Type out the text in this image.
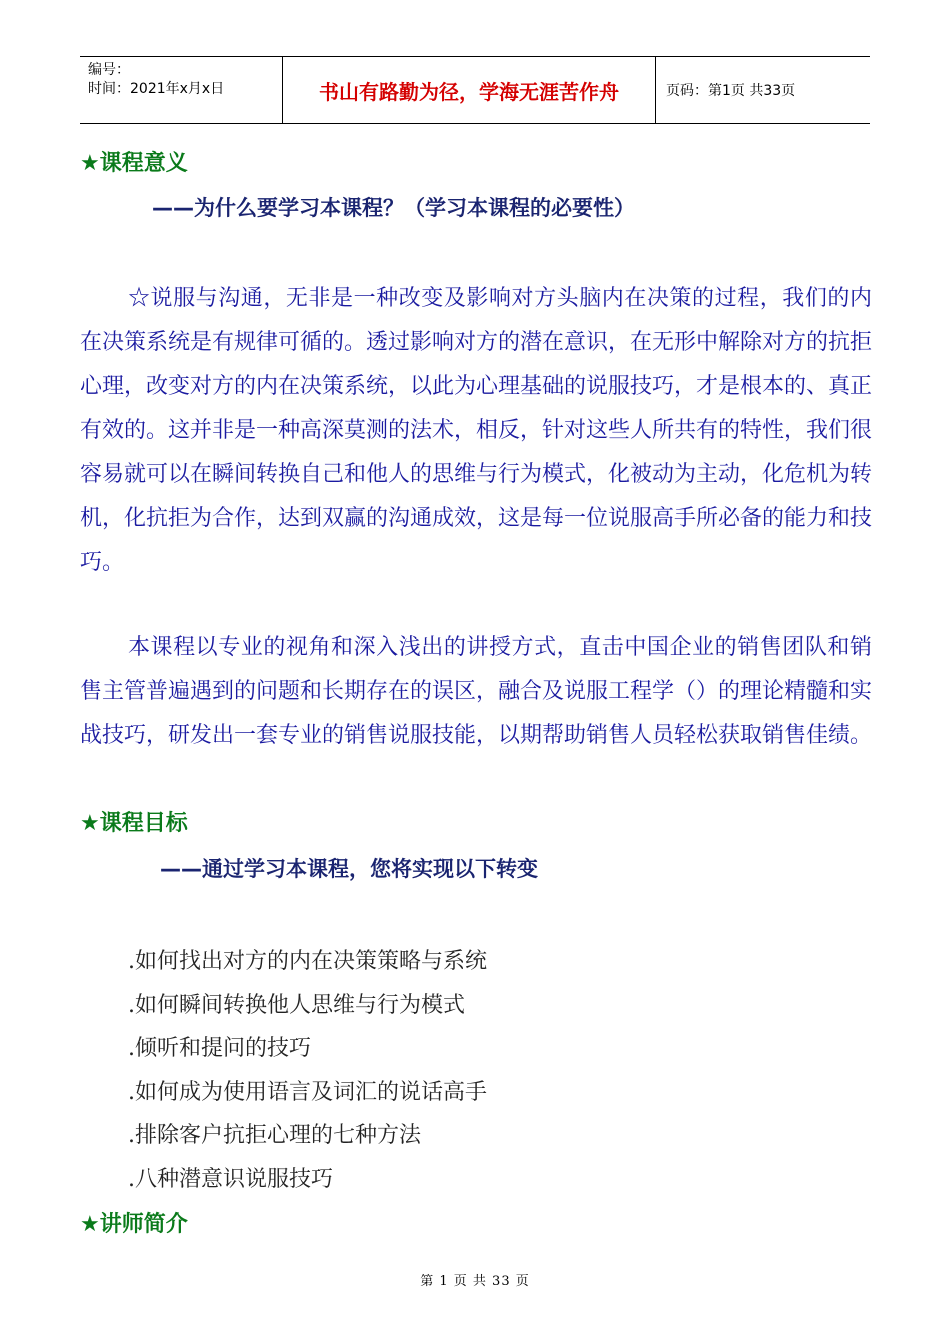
编号：
时间：2021年x月x日	书山有路勤为径，学海无涯苦作舟	页码：第1页 共33页
★课程意义
——为什么要学习本课程？（学习本课程的必要性）

☆说服与沟通，无非是一种改变及影响对方头脑内在决策的过程，我们的内在决策系统是有规律可循的。透过影响对方的潜在意识，在无形中解除对方的抗拒心理，改变对方的内在决策系统，以此为心理基础的说服技巧，才是根本的、真正有效的。这并非是一种高深莫测的法术，相反，针对这些人所共有的特性，我们很容易就可以在瞬间转换自己和他人的思维与行为模式，化被动为主动，化危机为转机，化抗拒为合作，达到双赢的沟通成效，这是每一位说服高手所必备的能力和技巧。

本课程以专业的视角和深入浅出的讲授方式，直击中国企业的销售团队和销售主管普遍遇到的问题和长期存在的误区，融合及说服工程学（）的理论精髓和实战技巧，研发出一套专业的销售说服技能，以期帮助销售人员轻松获取销售佳绩。

★课程目标
——通过学习本课程，您将实现以下转变
.如何找出对方的内在决策策略与系统
.如何瞬间转换他人思维与行为模式
.倾听和提问的技巧
.如何成为使用语言及词汇的说话高手
.排除客户抗拒心理的七种方法
.八种潜意识说服技巧
★讲师简介
第 1 页 共 33 页
